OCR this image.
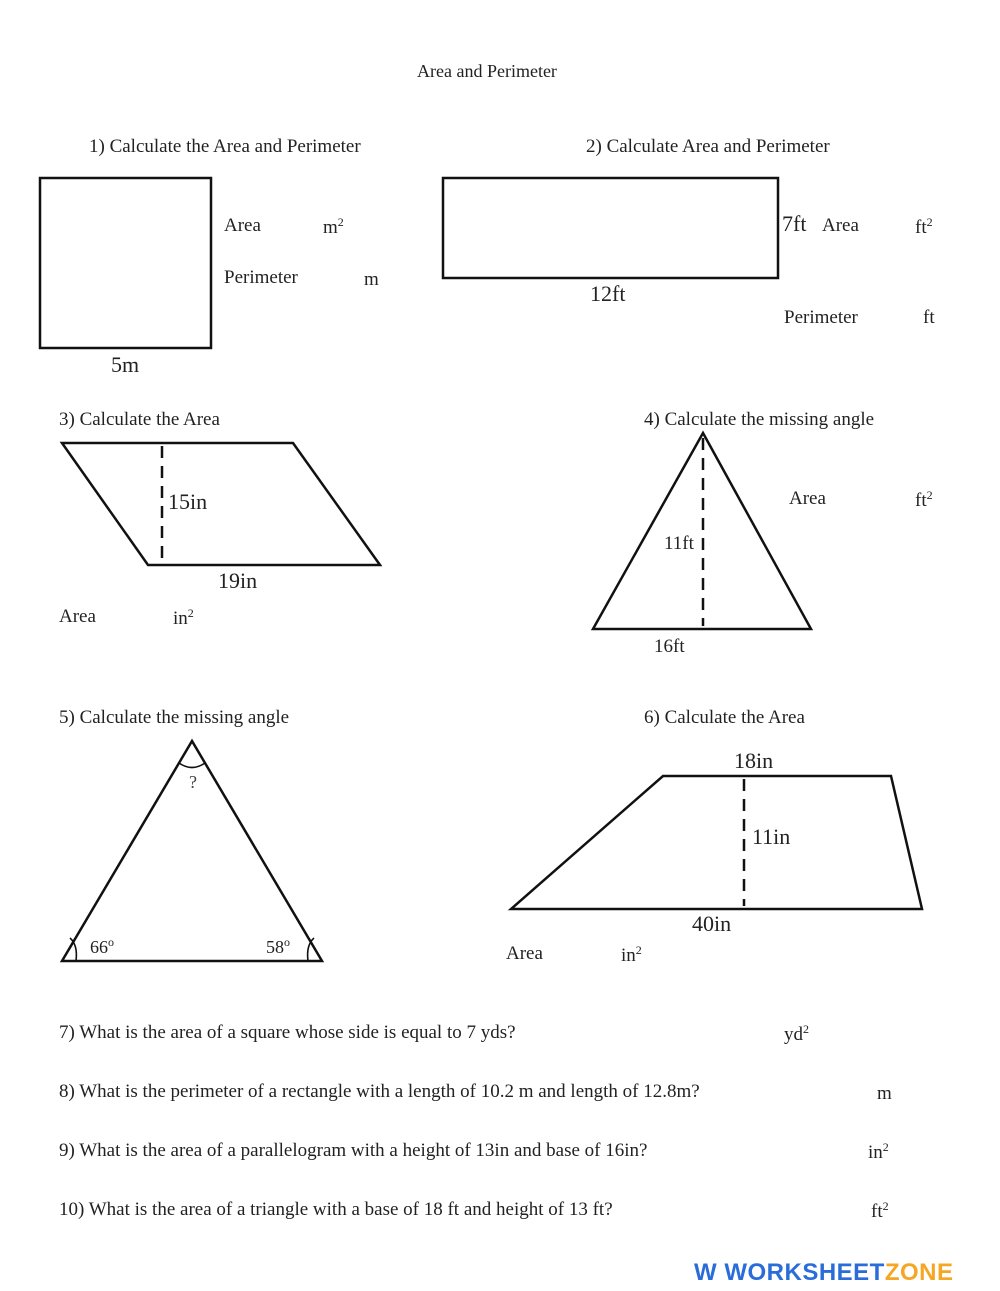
Area and Perimeter
1) Calculate the Area and Perimeter
Area	$m^2$
Perimeter	m
5m
2) Calculate Area and Perimeter
7ft Area	$ft^2$
12ft
Perimeter	ft
3) Calculate the Area
15in
19in
Area	$in^2$
4) Calculate the missing angle
Area	$ft^2$
11ft
16ft
5) Calculate the missing angle
?
66$^o$	58$^o$
6) Calculate the Area
18in
11in
40in
Area	$in^2$
7) What is the area of a square whose side is equal to 7 yds?	$yd^2$
8) What is the perimeter of a rectangle with a length of 10.2 m and length of 12.8m?	m
9) What is the area of a parallelogram with a height of 13in and base of 16in?	$in^2$
10) What is the area of a triangle with a base of 18 ft and height of 13 ft?	$ft^2$
W WORKSHEETZONE
